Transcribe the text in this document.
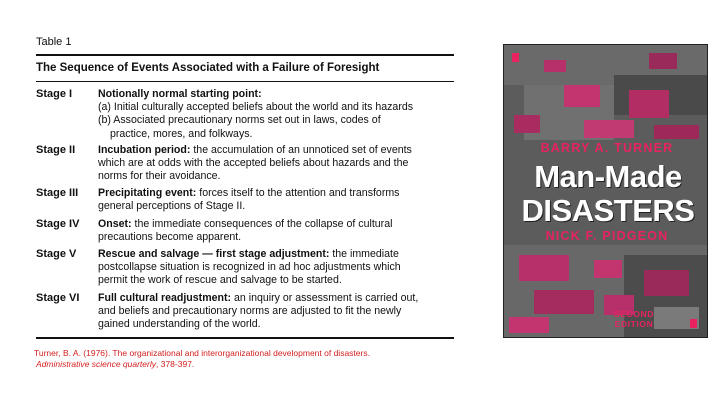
Table 1
The Sequence of Events Associated with a Failure of Foresight
Stage I Notionally normal starting point:
(a) Initial culturally accepted beliefs about the world and its hazards
(b) Associated precautionary norms set out in laws, codes of
practice, mores, and folkways.
Stage II Incubation period: the accumulation of an unnoticed set of events
which are at odds with the accepted beliefs about hazards and the
norms for their avoidance.
Stage III Precipitating event: forces itself to the attention and transforms
general perceptions of Stage II.
Stage IV Onset: the immediate consequences of the collapse of cultural
precautions become apparent.
Stage V Rescue and salvage — first stage adjustment: the immediate
postcollapse situation is recognized in ad hoc adjustments which
permit the work of rescue and salvage to be started.
Stage VI Full cultural readjustment: an inquiry or assessment is carried out,
and beliefs and precautionary norms are adjusted to fit the newly
gained understanding of the world.
Turner, B. A. (1976). The organizational and interorganizational development of disasters.
Administrative science quarterly, 378-397.
BARRY A. TURNER
Man-Made
DISASTERS
NICK F. PIDGEON
SECOND
EDITION
